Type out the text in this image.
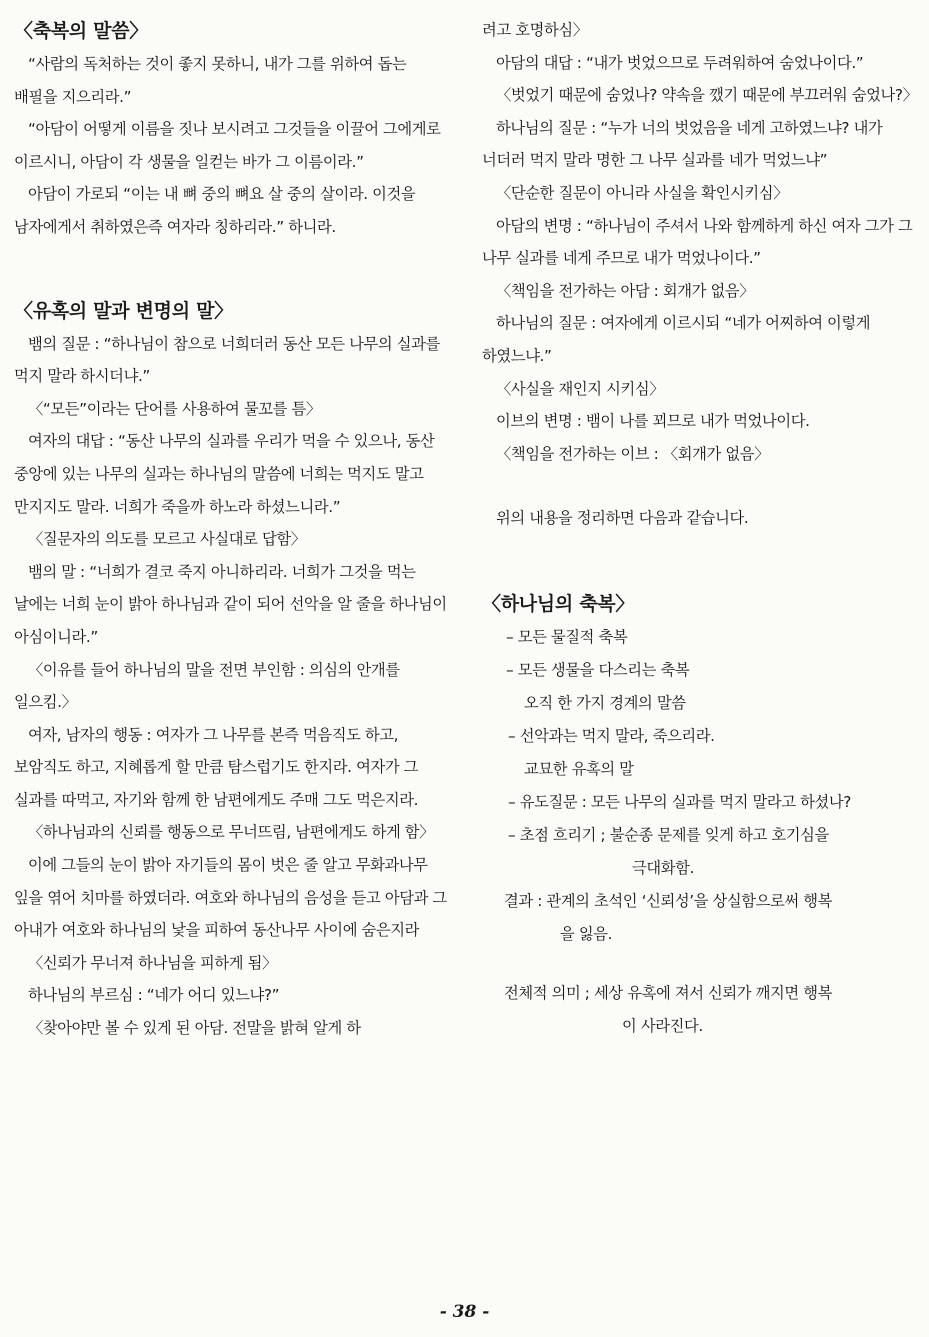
〈축복의 말씀〉

“사람의 독처하는 것이 좋지 못하니, 내가 그를 위하여 돕는 배필을 지으리라.”

“아담이 어떻게 이름을 짓나 보시려고 그것들을 이끌어 그에게로 이르시니, 아담이 각 생물을 일컫는 바가 그 이름이라.”

아담이 가로되 “이는 내 뼈 중의 뼈요 살 중의 살이라. 이것을 남자에게서 취하였은즉 여자라 칭하리라.” 하니라.

〈유혹의 말과 변명의 말〉

뱀의 질문 : “하나님이 참으로 너희더러 동산 모든 나무의 실과를 먹지 말라 하시더냐.”

〈“모든”이라는 단어를 사용하여 물꼬를 틈〉

여자의 대답 : “동산 나무의 실과를 우리가 먹을 수 있으나, 동산 중앙에 있는 나무의 실과는 하나님의 말씀에 너희는 먹지도 말고 만지지도 말라. 너희가 죽을까 하노라 하셨느니라.”

〈질문자의 의도를 모르고 사실대로 답함〉

뱀의 말 : “너희가 결코 죽지 아니하리라. 너희가 그것을 먹는 날에는 너희 눈이 밝아 하나님과 같이 되어 선악을 알 줄을 하나님이 아심이니라.”

〈이유를 들어 하나님의 말을 전면 부인함 : 의심의 안개를 일으킴.〉

여자, 남자의 행동 : 여자가 그 나무를 본즉 먹음직도 하고, 보암직도 하고, 지혜롭게 할 만큼 탐스럽기도 한지라. 여자가 그 실과를 따먹고, 자기와 함께 한 남편에게도 주매 그도 먹은지라.

〈하나님과의 신뢰를 행동으로 무너뜨림, 남편에게도 하게 함〉

이에 그들의 눈이 밝아 자기들의 몸이 벗은 줄 알고 무화과나무 잎을 엮어 치마를 하였더라. 여호와 하나님의 음성을 듣고 아담과 그 아내가 여호와 하나님의 낯을 피하여 동산나무 사이에 숨은지라

〈신뢰가 무너져 하나님을 피하게 됨〉

하나님의 부르심 : “네가 어디 있느냐?”

〈찾아야만 볼 수 있게 된 아담. 전말을 밝혀 알게 하

려고 호명하심〉

아담의 대답 : “내가 벗었으므로 두려워하여 숨었나이다.”

〈벗었기 때문에 숨었나? 약속을 깼기 때문에 부끄러워 숨었나?〉

하나님의 질문 : “누가 너의 벗었음을 네게 고하였느냐? 내가 너더러 먹지 말라 명한 그 나무 실과를 네가 먹었느냐”

〈단순한 질문이 아니라 사실을 확인시키심〉

아담의 변명 : “하나님이 주셔서 나와 함께하게 하신 여자 그가 그 나무 실과를 네게 주므로 내가 먹었나이다.”

〈책임을 전가하는 아담 : 회개가 없음〉

하나님의 질문 : 여자에게 이르시되 “네가 어찌하여 이렇게 하였느냐.”

〈사실을 재인지 시키심〉

이브의 변명 : 뱀이 나를 꾀므로 내가 먹었나이다.

〈책임을 전가하는 이브 : 〈회개가 없음〉

위의 내용을 정리하면 다음과 같습니다.

〈하나님의 축복〉

– 모든 물질적 축복

– 모든 생물을 다스리는 축복

오직 한 가지 경계의 말씀

– 선악과는 먹지 말라, 죽으리라.

교묘한 유혹의 말

– 유도질문 : 모든 나무의 실과를 먹지 말라고 하셨나?

– 초점 흐리기 ; 불순종 문제를 잊게 하고 호기심을

극대화함.

결과 : 관계의 초석인 ‘신뢰성’을 상실함으로써 행복

을 잃음.

전체적 의미 ; 세상 유혹에 져서 신뢰가 깨지면 행복

이 사라진다.

- 38 -
